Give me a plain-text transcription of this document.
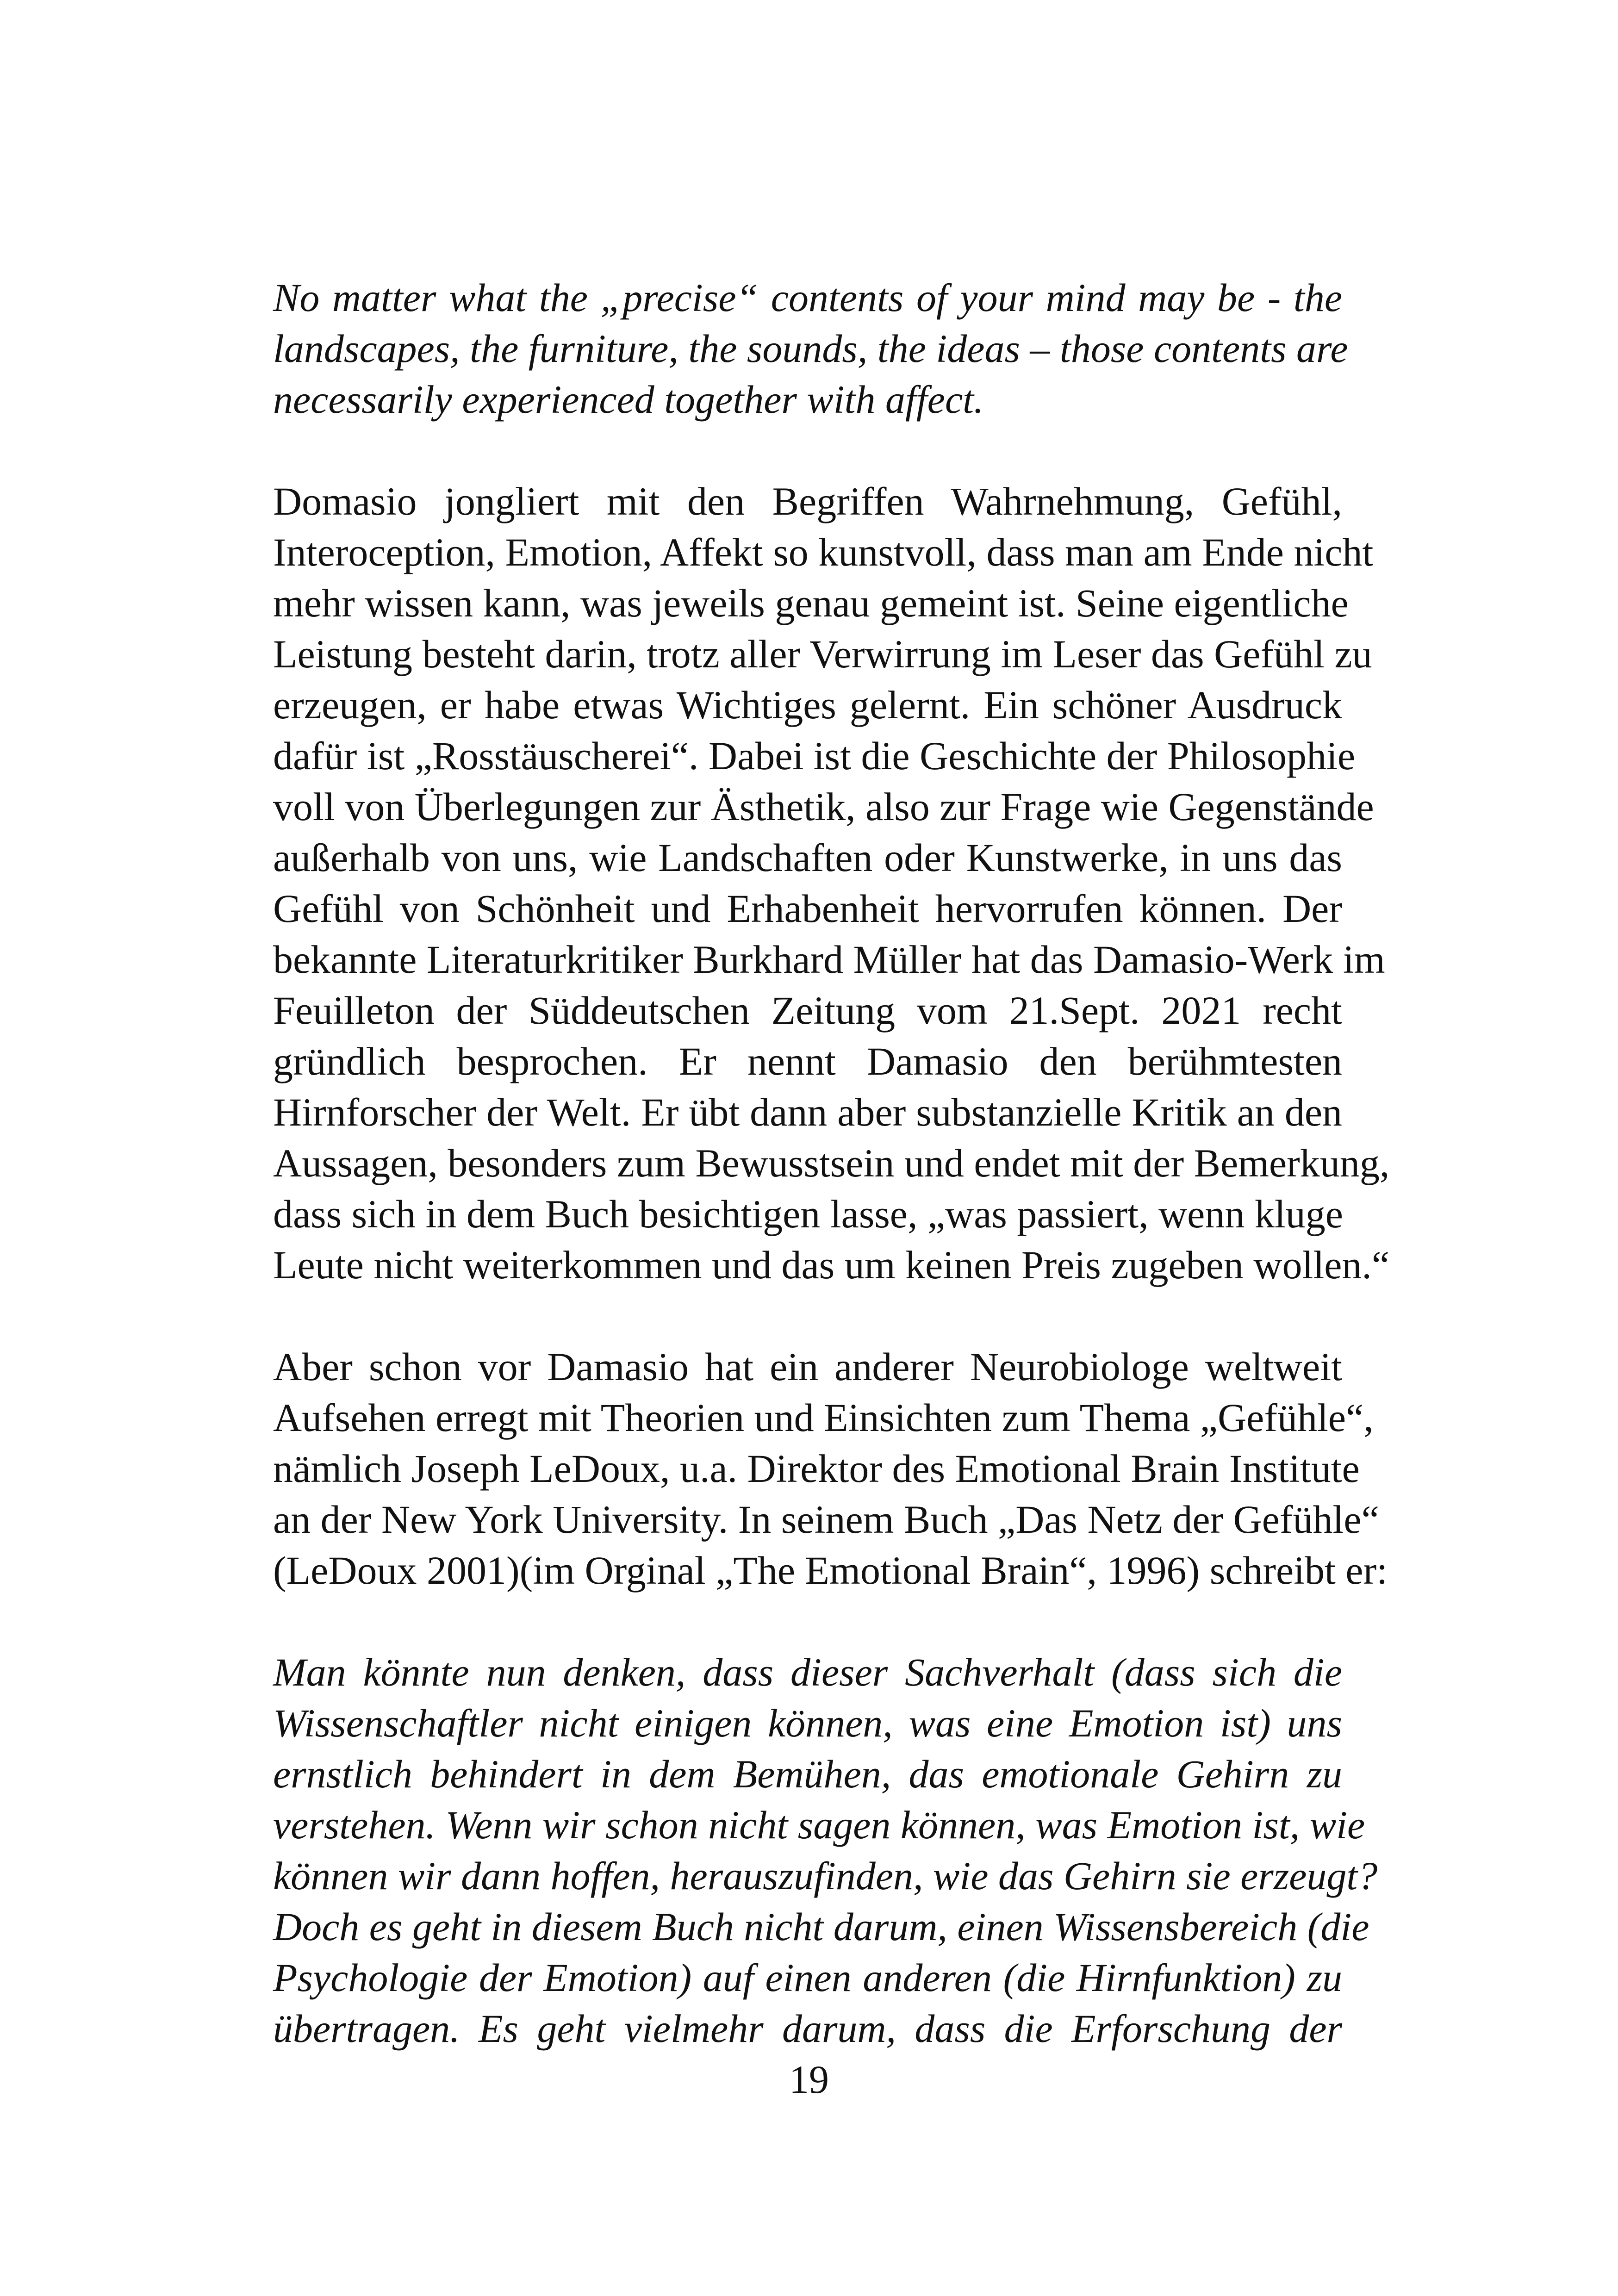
No matter what the „precise“ contents of your mind may be - the
landscapes, the furniture, the sounds, the ideas – those contents are
necessarily experienced together with affect.
Domasio jongliert mit den Begriffen Wahrnehmung, Gefühl,
Interoception, Emotion, Affekt so kunstvoll, dass man am Ende nicht
mehr wissen kann, was jeweils genau gemeint ist. Seine eigentliche
Leistung besteht darin, trotz aller Verwirrung im Leser das Gefühl zu
erzeugen, er habe etwas Wichtiges gelernt. Ein schöner Ausdruck
dafür ist „Rosstäuscherei“. Dabei ist die Geschichte der Philosophie
voll von Überlegungen zur Ästhetik, also zur Frage wie Gegenstände
außerhalb von uns, wie Landschaften oder Kunstwerke, in uns das
Gefühl von Schönheit und Erhabenheit hervorrufen können. Der
bekannte Literaturkritiker Burkhard Müller hat das Damasio-Werk im
Feuilleton der Süddeutschen Zeitung vom 21.Sept. 2021 recht
gründlich besprochen. Er nennt Damasio den berühmtesten
Hirnforscher der Welt. Er übt dann aber substanzielle Kritik an den
Aussagen, besonders zum Bewusstsein und endet mit der Bemerkung,
dass sich in dem Buch besichtigen lasse, „was passiert, wenn kluge
Leute nicht weiterkommen und das um keinen Preis zugeben wollen.“
Aber schon vor Damasio hat ein anderer Neurobiologe weltweit
Aufsehen erregt mit Theorien und Einsichten zum Thema „Gefühle“,
nämlich Joseph LeDoux, u.a. Direktor des Emotional Brain Institute
an der New York University. In seinem Buch „Das Netz der Gefühle“
(LeDoux 2001)(im Orginal „The Emotional Brain“, 1996) schreibt er:
Man könnte nun denken, dass dieser Sachverhalt (dass sich die
Wissenschaftler nicht einigen können, was eine Emotion ist) uns
ernstlich behindert in dem Bemühen, das emotionale Gehirn zu
verstehen. Wenn wir schon nicht sagen können, was Emotion ist, wie
können wir dann hoffen, herauszufinden, wie das Gehirn sie erzeugt?
Doch es geht in diesem Buch nicht darum, einen Wissensbereich (die
Psychologie der Emotion) auf einen anderen (die Hirnfunktion) zu
übertragen. Es geht vielmehr darum, dass die Erforschung der
19
